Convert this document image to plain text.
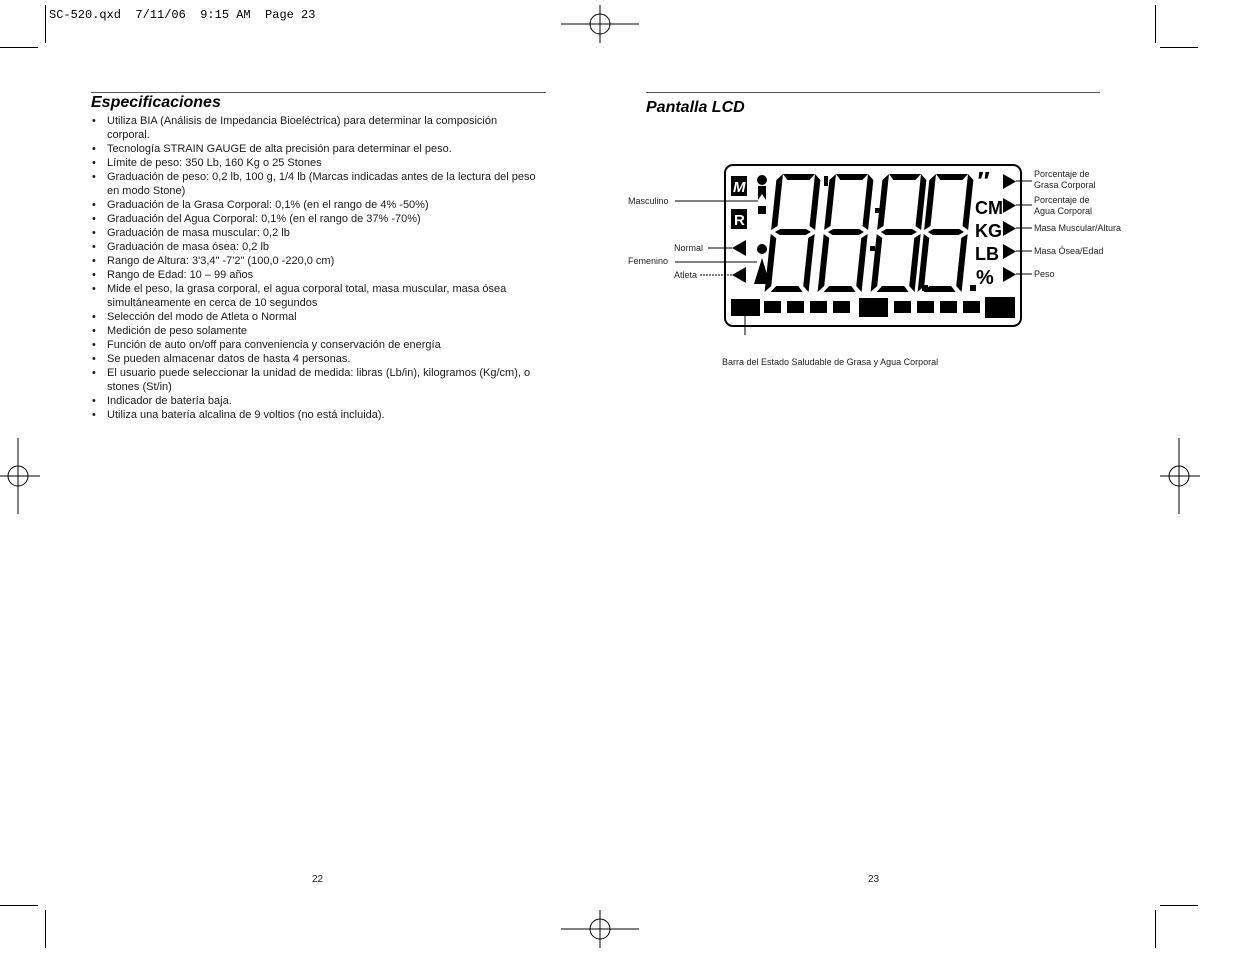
SC-520.qxd  7/11/06  9:15 AM  Page 23
Especificaciones
• Utiliza BIA (Análisis de Impedancia Bioeléctrica) para determinar la composición corporal.
• Tecnología STRAIN GAUGE de alta precisión para determinar el peso.
• Límite de peso: 350 Lb, 160 Kg o 25 Stones
• Graduación de peso: 0,2 lb, 100 g, 1/4 lb (Marcas indicadas antes de la lectura del peso en modo Stone)
• Graduación de la Grasa Corporal: 0,1% (en el rango de 4% -50%)
• Graduación del Agua Corporal: 0,1% (en el rango de 37% -70%)
• Graduación de masa muscular: 0,2 lb
• Graduación de masa ósea: 0,2 lb
• Rango de Altura: 3'3,4" -7'2" (100,0 -220,0 cm)
• Rango de Edad: 10 – 99 años
• Mide el peso, la grasa corporal, el agua corporal total, masa muscular, masa ósea simultáneamente en cerca de 10 segundos
• Selección del modo de Atleta o Normal
• Medición de peso solamente
• Función de auto on/off para conveniencia y conservación de energía
• Se pueden almacenar datos de hasta 4 personas.
• El usuario puede seleccionar la unidad de medida: libras (Lb/in), kilogramos (Kg/cm), o stones (St/in)
• Indicador de batería baja.
• Utiliza una batería alcalina de 9 voltios (no está incluida).
22
Pantalla LCD
M
R
″
CM
KG
LB
%
Masculino
Normal
Femenino
Atleta
Porcentaje de
Grasa Corporal
Porcentaje de
Agua Corporal
Masa Muscular/Altura
Masa Ósea/Edad
Peso
Barra del Estado Saludable de Grasa y Agua Corporal
23
